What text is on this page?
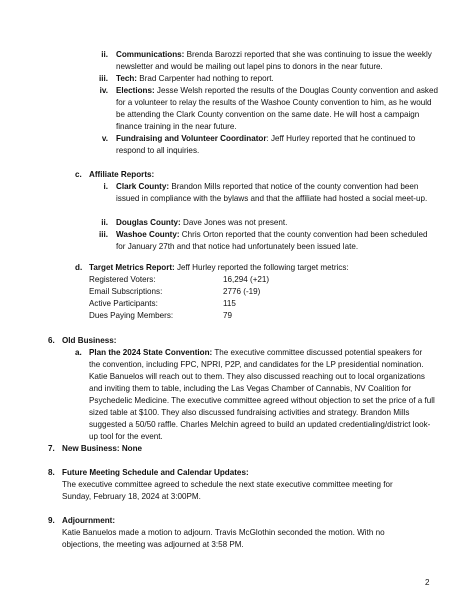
ii. Communications: Brenda Barozzi reported that she was continuing to issue the weekly newsletter and would be mailing out lapel pins to donors in the near future.
iii. Tech: Brad Carpenter had nothing to report.
iv. Elections: Jesse Welsh reported the results of the Douglas County convention and asked for a volunteer to relay the results of the Washoe County convention to him, as he would be attending the Clark County convention on the same date. He will host a campaign finance training in the near future.
v. Fundraising and Volunteer Coordinator: Jeff Hurley reported that he continued to respond to all inquiries.
c. Affiliate Reports:
i. Clark County: Brandon Mills reported that notice of the county convention had been issued in compliance with the bylaws and that the affiliate had hosted a social meet-up.
ii. Douglas County: Dave Jones was not present.
iii. Washoe County: Chris Orton reported that the county convention had been scheduled for January 27th and that notice had unfortunately been issued late.
d. Target Metrics Report: Jeff Hurley reported the following target metrics:
Registered Voters:	16,294 (+21)
Email Subscriptions:	2776 (-19)
Active Participants:	115
Dues Paying Members:	79
6. Old Business:
a. Plan the 2024 State Convention: The executive committee discussed potential speakers for the convention, including FPC, NPRI, P2P, and candidates for the LP presidential nomination. Katie Banuelos will reach out to them. They also discussed reaching out to local organizations and inviting them to table, including the Las Vegas Chamber of Cannabis, NV Coalition for Psychedelic Medicine. The executive committee agreed without objection to set the price of a full sized table at $100. They also discussed fundraising activities and strategy. Brandon Mills suggested a 50/50 raffle. Charles Melchin agreed to build an updated credentialing/district look-up tool for the event.
7. New Business: None
8. Future Meeting Schedule and Calendar Updates:
The executive committee agreed to schedule the next state executive committee meeting for Sunday, February 18, 2024 at 3:00PM.
9. Adjournment:
Katie Banuelos made a motion to adjourn. Travis McGlothin seconded the motion. With no objections, the meeting was adjourned at 3:58 PM.
2
